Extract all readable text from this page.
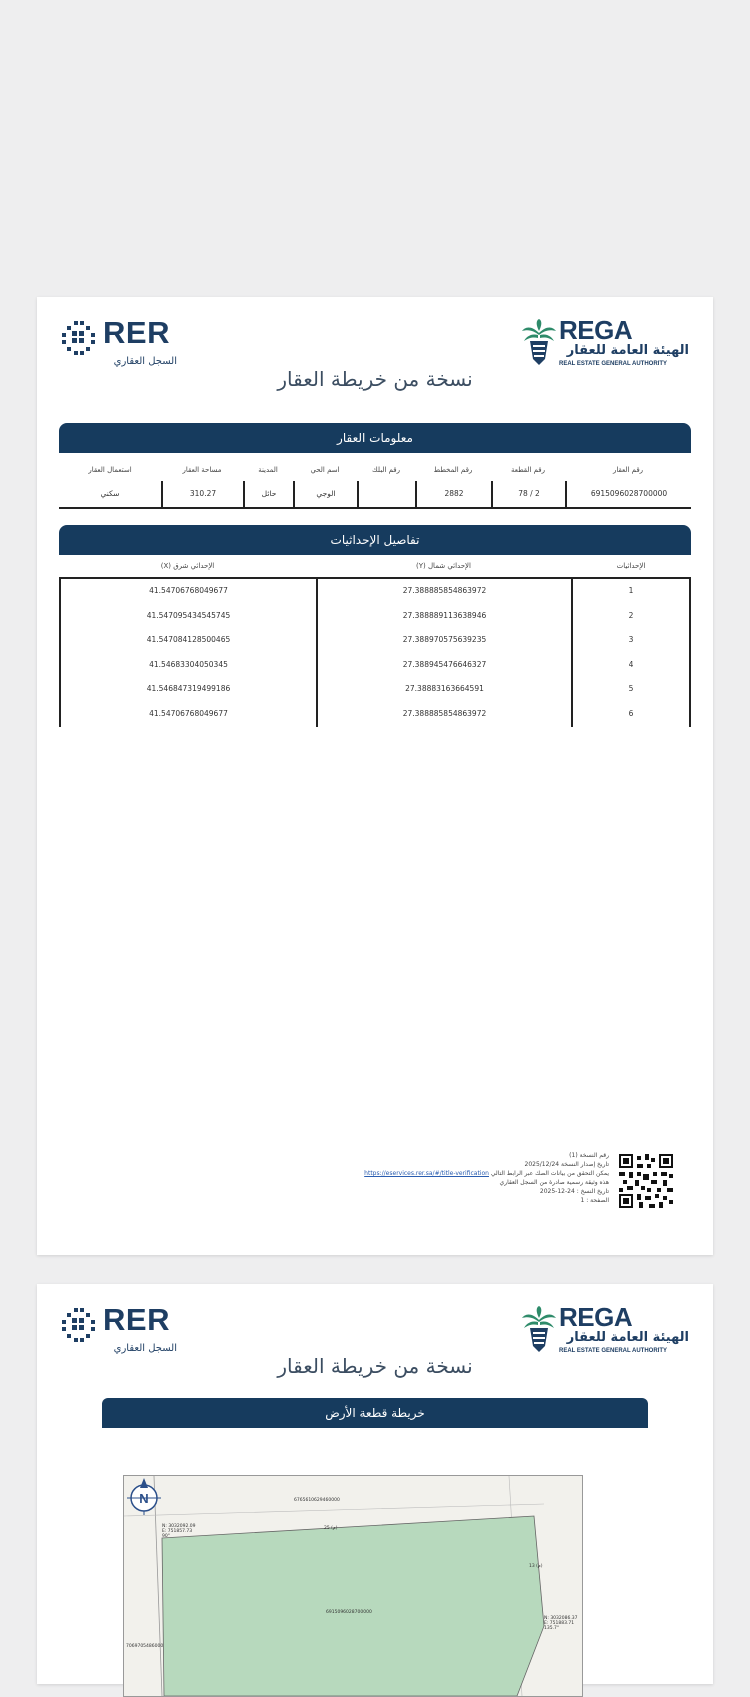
RER
السجل العقاري
REGA
الهيئة العامة للعقار
REAL ESTATE GENERAL AUTHORITY
نسخة من خريطة العقار
معلومات العقار
رقم العقار
رقم القطعة
رقم المخطط
رقم البلك
اسم الحي
المدينة
مساحة العقار
استعمال العقار
6915096028700000
2 / 78
2882
الوجي
حائل
310.27
سكني
تفاصيل الإحداثيات
الإحداثيات
الإحداثي شمال (Y)
الإحداثي شرق (X)
1
27.388885854863972
41.54706768049677
2
27.388889113638946
41.547095434545745
3
27.388970575639235
41.547084128500465
4
27.388945476646327
41.54683304050345
5
27.38883163664591
41.546847319499186
6
27.388885854863972
41.54706768049677
رقم النسخة (1)
تاريخ إصدار النسخة 2025/12/24
يمكن التحقق من بيانات الصك عبر الرابط التالي https://eservices.rer.sa/#/title-verification
هذه وثيقة رسمية صادرة من السجل العقاري
تاريخ النسخ : 24-12-2025
الصفحة : 1
RER
السجل العقاري
REGA
الهيئة العامة للعقار
REAL ESTATE GENERAL AUTHORITY
نسخة من خريطة العقار
خريطة قطعة الأرض
6765610629460000
N: 3032092.09
E: 751857.73
90°
25 (م)
6915096028700000
7069705486000
13 (م)
N: 3032086.37
E: 751883.71
135.7°
N
